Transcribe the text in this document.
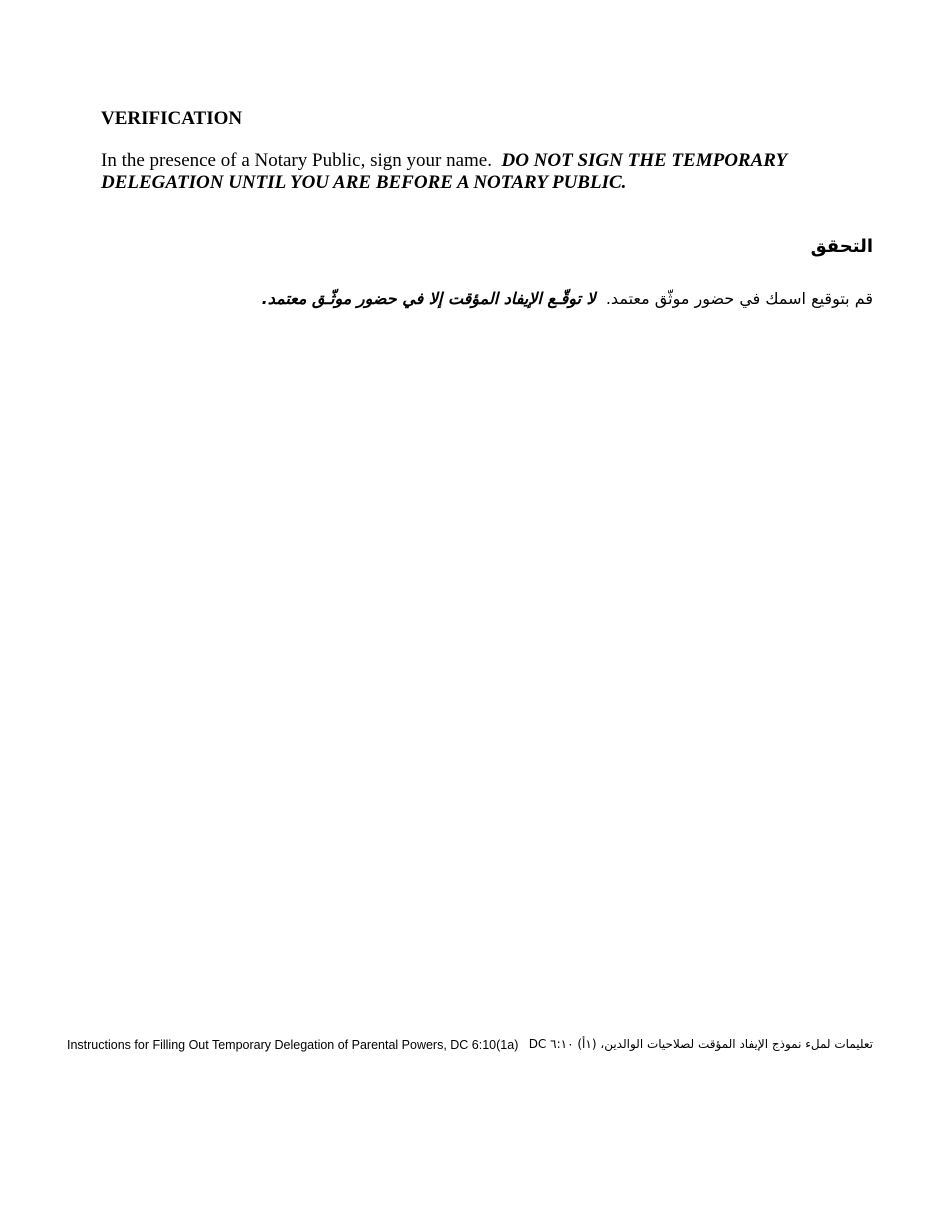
VERIFICATION

In the presence of a Notary Public, sign your name. DO NOT SIGN THE TEMPORARY DELEGATION UNTIL YOU ARE BEFORE A NOTARY PUBLIC.

التحقق

قم بتوقيع اسمك في حضور موثّق معتمد.  لا توقّـع الإيفاد المؤقت إلا في حضور موثّـق معتمد.

Instructions for Filling Out Temporary Delegation of Parental Powers, DC 6:10(1a) تعليمات لملء نموذج الإيفاد المؤقت لصلاحيات الوالدين، (١أ) ٦:١٠ DC
